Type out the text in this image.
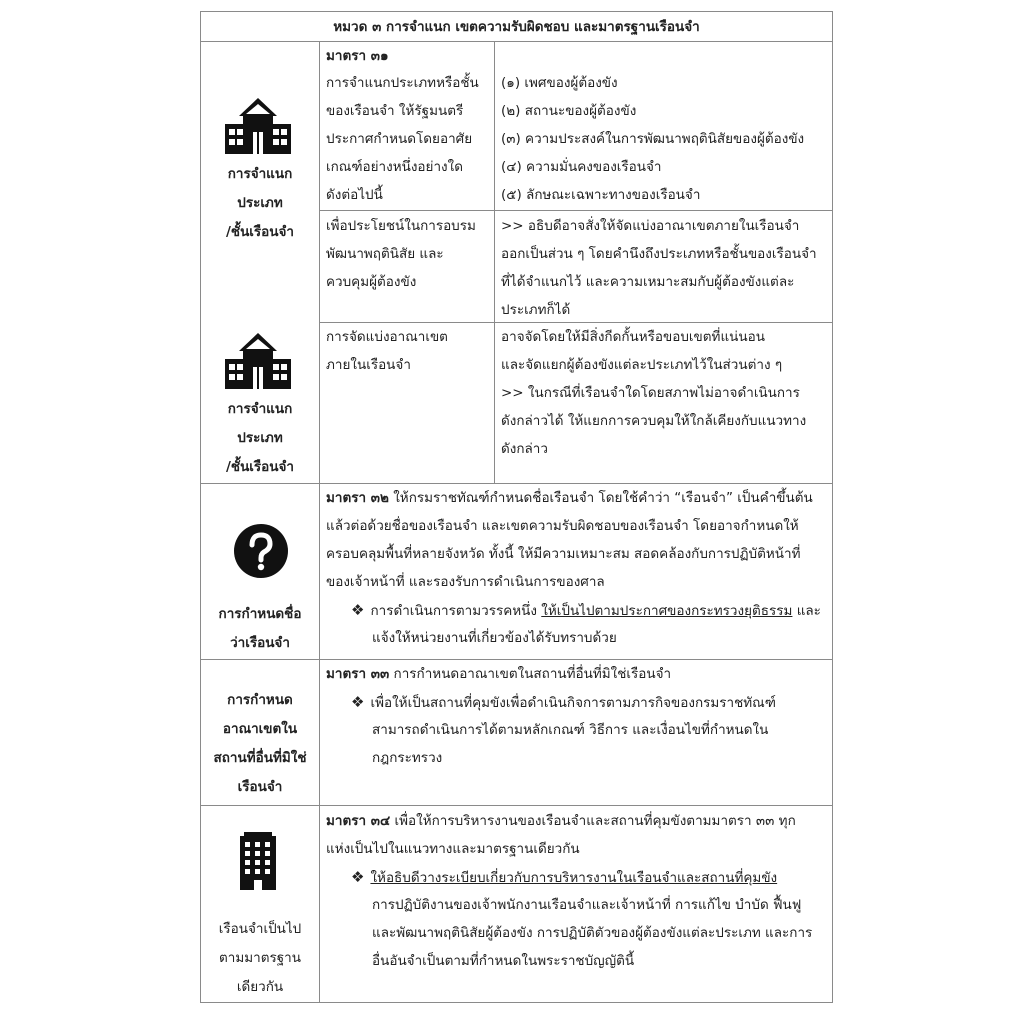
หมวด ๓ การจำแนก เขตความรับผิดชอบ และมาตรฐานเรือนจำ
การจำแนก
ประเภท
/ชั้นเรือนจำ
มาตรา ๓๑
การจำแนกประเภทหรือชั้น
ของเรือนจำ ให้รัฐมนตรี
ประกาศกำหนดโดยอาศัย
เกณฑ์อย่างหนึ่งอย่างใด
ดังต่อไปนี้
(๑) เพศของผู้ต้องขัง
(๒) สถานะของผู้ต้องขัง
(๓) ความประสงค์ในการพัฒนาพฤตินิสัยของผู้ต้องขัง
(๔) ความมั่นคงของเรือนจำ
(๕) ลักษณะเฉพาะทางของเรือนจำ
เพื่อประโยชน์ในการอบรม
พัฒนาพฤตินิสัย และ
ควบคุมผู้ต้องขัง
>> อธิบดีอาจสั่งให้จัดแบ่งอาณาเขตภายในเรือนจำ
ออกเป็นส่วน ๆ โดยคำนึงถึงประเภทหรือชั้นของเรือนจำ
ที่ได้จำแนกไว้ และความเหมาะสมกับผู้ต้องขังแต่ละ
ประเภทก็ได้
การจำแนก
ประเภท
/ชั้นเรือนจำ
การจัดแบ่งอาณาเขต
ภายในเรือนจำ
อาจจัดโดยให้มีสิ่งกีดกั้นหรือขอบเขตที่แน่นอน
และจัดแยกผู้ต้องขังแต่ละประเภทไว้ในส่วนต่าง ๆ
>> ในกรณีที่เรือนจำใดโดยสภาพไม่อาจดำเนินการ
ดังกล่าวได้ ให้แยกการควบคุมให้ใกล้เคียงกับแนวทาง
ดังกล่าว
การกำหนดชื่อ
ว่าเรือนจำ
มาตรา ๓๒ ให้กรมราชทัณฑ์กำหนดชื่อเรือนจำ โดยใช้คำว่า “เรือนจำ” เป็นคำขึ้นต้น
แล้วต่อด้วยชื่อของเรือนจำ และเขตความรับผิดชอบของเรือนจำ โดยอาจกำหนดให้
ครอบคลุมพื้นที่หลายจังหวัด ทั้งนี้ ให้มีความเหมาะสม สอดคล้องกับการปฏิบัติหน้าที่
ของเจ้าหน้าที่ และรองรับการดำเนินการของศาล
❖ การดำเนินการตามวรรคหนึ่ง ให้เป็นไปตามประกาศของกระทรวงยุติธรรม และ
แจ้งให้หน่วยงานที่เกี่ยวข้องได้รับทราบด้วย
การกำหนด
อาณาเขตใน
สถานที่อื่นที่มิใช่
เรือนจำ
มาตรา ๓๓ การกำหนดอาณาเขตในสถานที่อื่นที่มิใช่เรือนจำ
❖ เพื่อให้เป็นสถานที่คุมขังเพื่อดำเนินกิจการตามภารกิจของกรมราชทัณฑ์
สามารถดำเนินการได้ตามหลักเกณฑ์ วิธีการ และเงื่อนไขที่กำหนดใน
กฎกระทรวง
เรือนจำเป็นไป
ตามมาตรฐาน
เดียวกัน
มาตรา ๓๔ เพื่อให้การบริหารงานของเรือนจำและสถานที่คุมขังตามมาตรา ๓๓ ทุก
แห่งเป็นไปในแนวทางและมาตรฐานเดียวกัน
❖ ให้อธิบดีวางระเบียบเกี่ยวกับการบริหารงานในเรือนจำและสถานที่คุมขัง
การปฏิบัติงานของเจ้าพนักงานเรือนจำและเจ้าหน้าที่ การแก้ไข บำบัด ฟื้นฟู
และพัฒนาพฤตินิสัยผู้ต้องขัง การปฏิบัติตัวของผู้ต้องขังแต่ละประเภท และการ
อื่นอันจำเป็นตามที่กำหนดในพระราชบัญญัตินี้
